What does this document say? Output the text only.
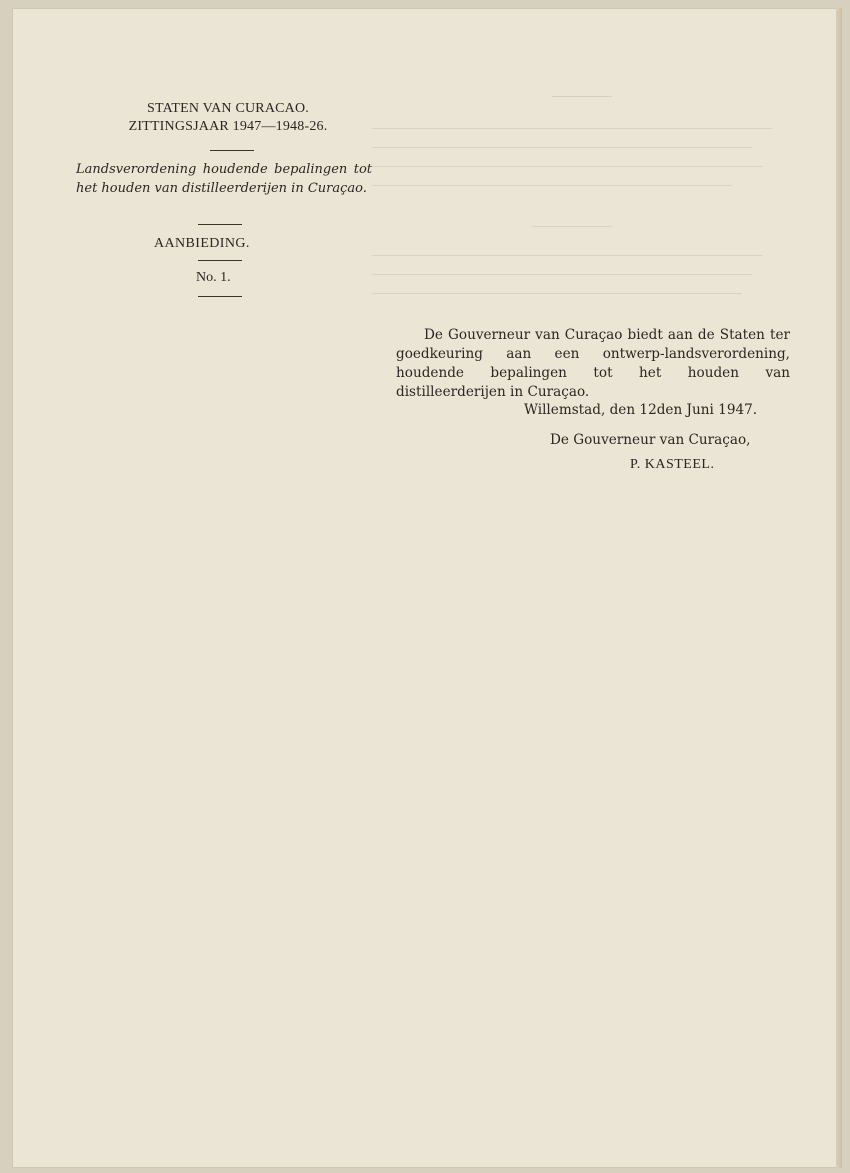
STATEN VAN CURACAO.
ZITTINGSJAAR 1947—1948-26.
Landsverordening houdende bepalingen tot het houden van distilleerderijen in Curaçao.
AANBIEDING.
No. 1.

De Gouverneur van Curaçao biedt aan de Staten ter goedkeuring aan een ontwerp-landsverordening, houdende bepalingen tot het houden van distilleerderijen in Curaçao.

Willemstad, den 12den Juni 1947.
De Gouverneur van Curaçao,
P. KASTEEL.
